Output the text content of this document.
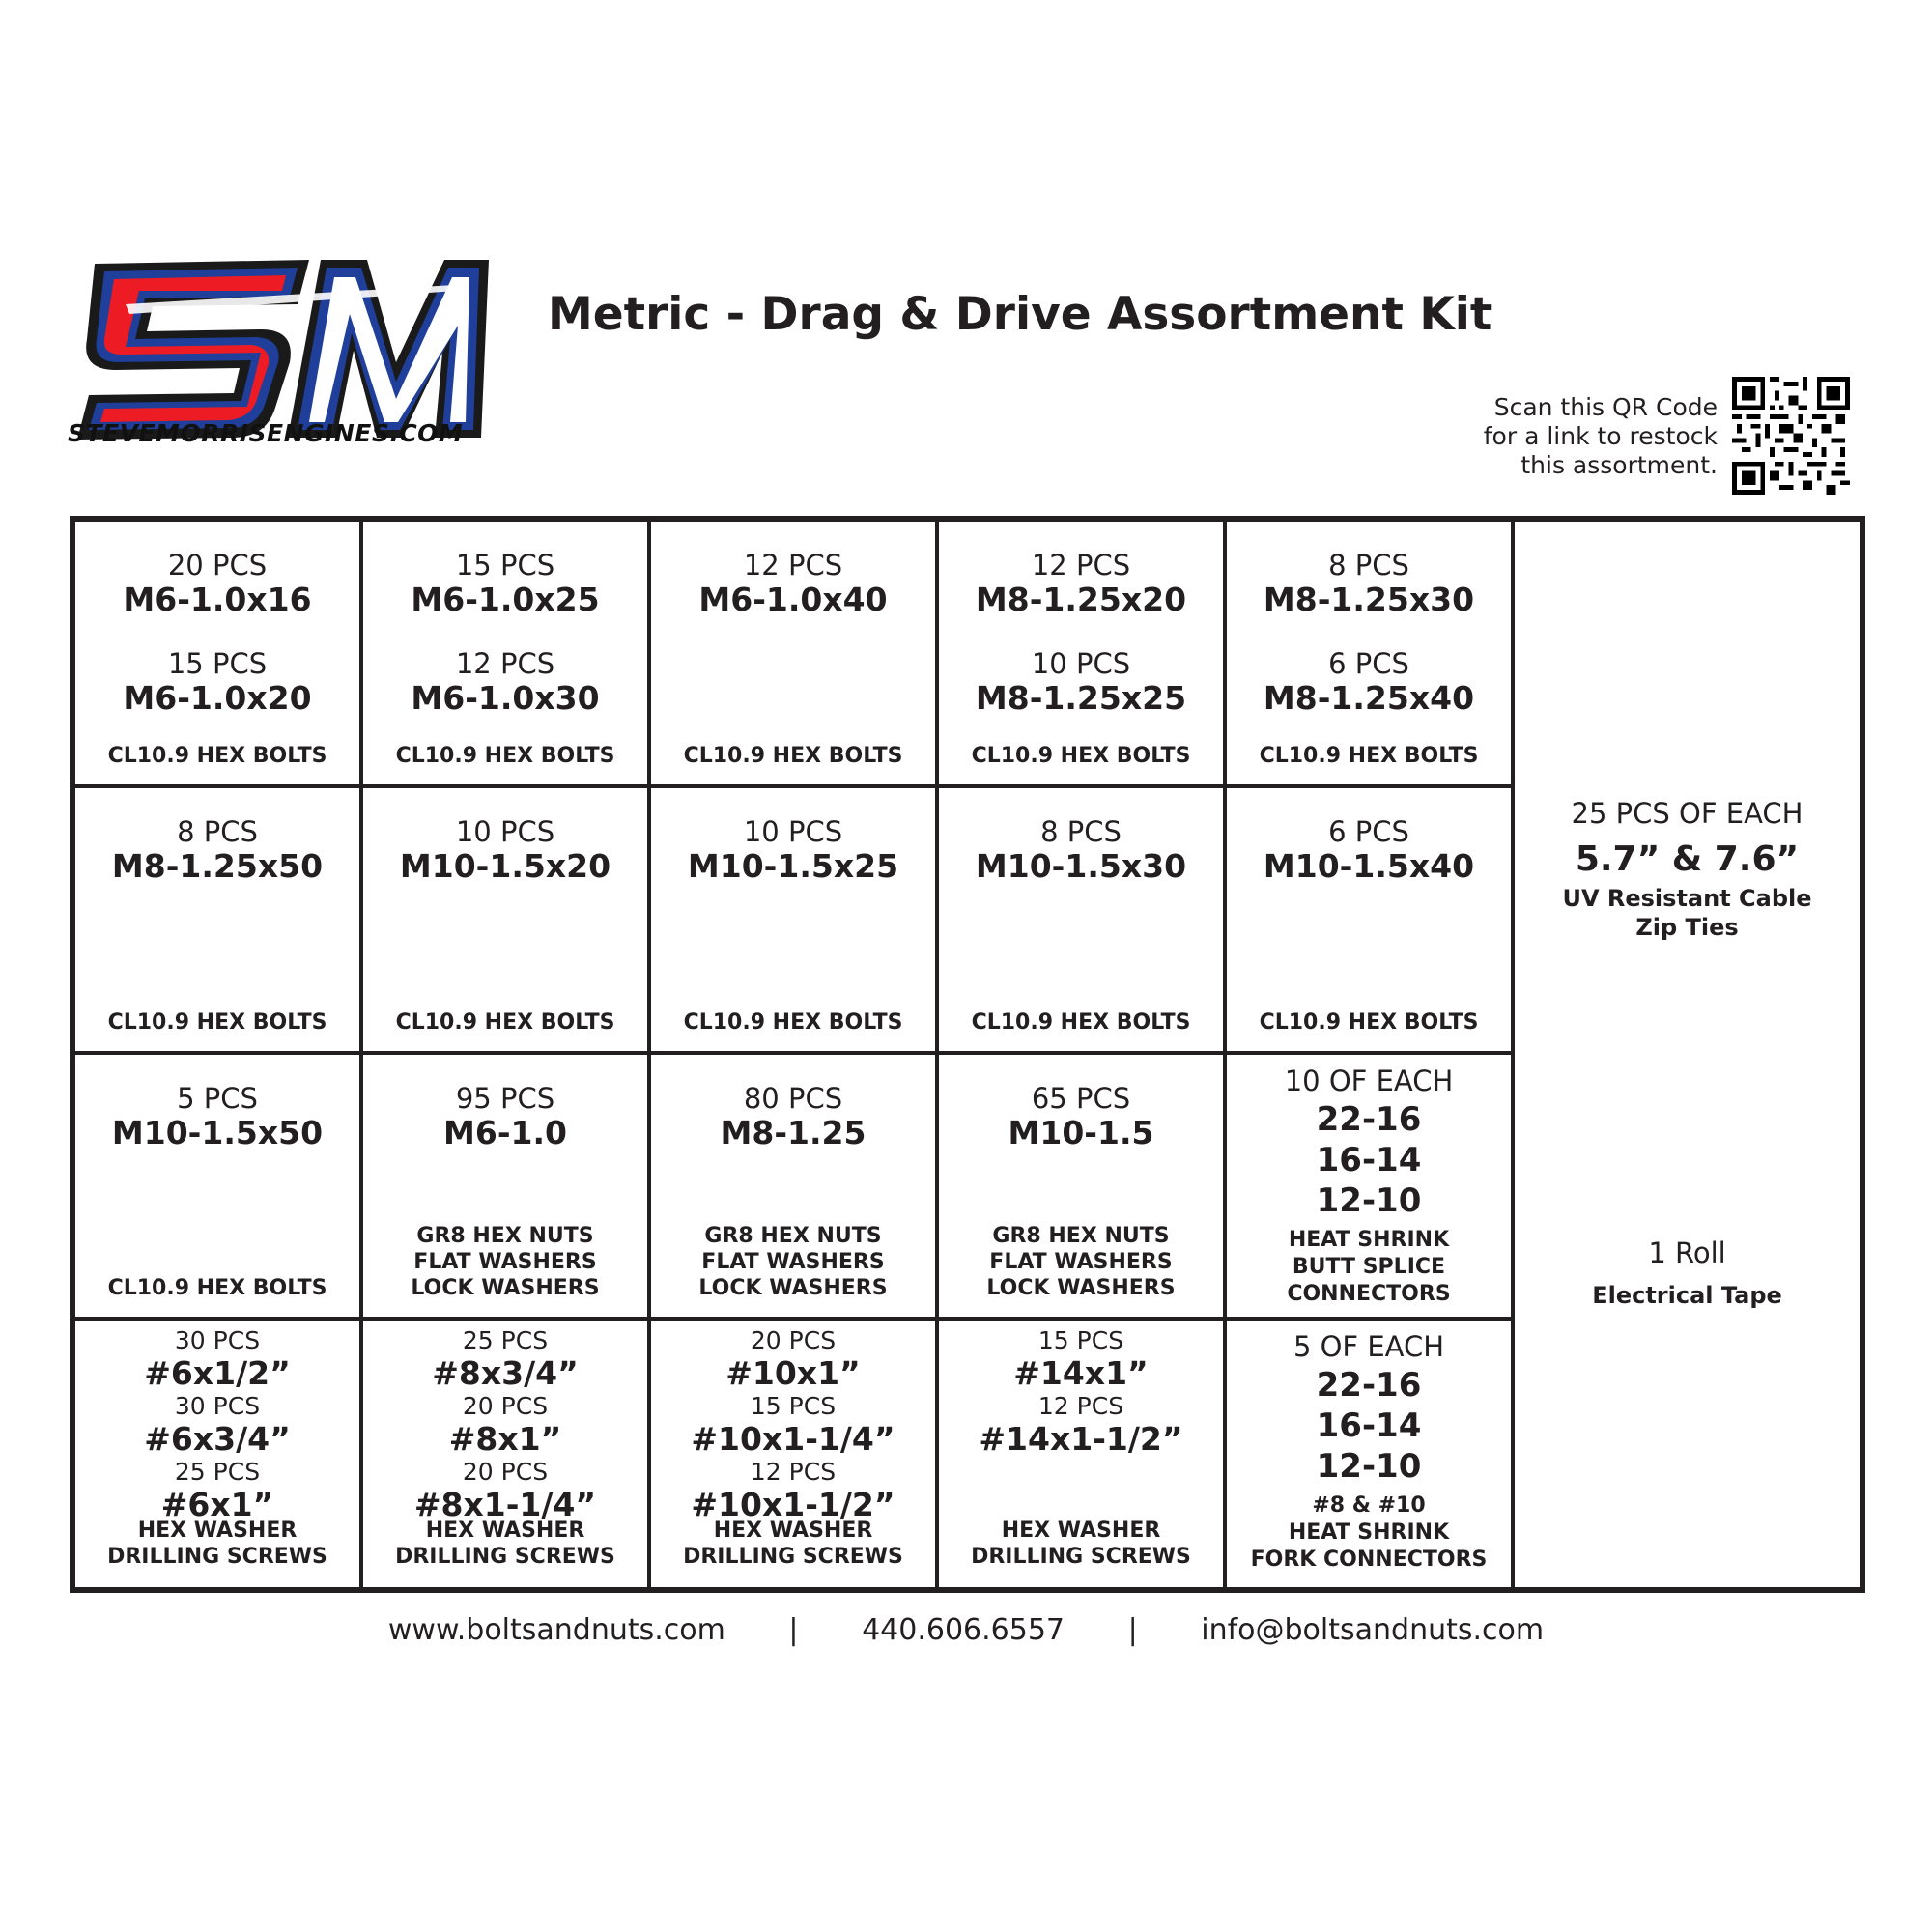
STEVEMORRISENGINES.COM
Metric - Drag & Drive Assortment Kit
Scan this QR Code
for a link to restock
this assortment.
20 PCS
M6-1.0x16
15 PCS
M6-1.0x20
CL10.9 HEX BOLTS
15 PCS
M6-1.0x25
12 PCS
M6-1.0x30
CL10.9 HEX BOLTS
12 PCS
M6-1.0x40
CL10.9 HEX BOLTS
12 PCS
M8-1.25x20
10 PCS
M8-1.25x25
CL10.9 HEX BOLTS
8 PCS
M8-1.25x30
6 PCS
M8-1.25x40
CL10.9 HEX BOLTS
25 PCS OF EACH
5.7” & 7.6”
UV Resistant Cable
Zip Ties
1 Roll
Electrical Tape
8 PCS
M8-1.25x50
CL10.9 HEX BOLTS
10 PCS
M10-1.5x20
CL10.9 HEX BOLTS
10 PCS
M10-1.5x25
CL10.9 HEX BOLTS
8 PCS
M10-1.5x30
CL10.9 HEX BOLTS
6 PCS
M10-1.5x40
CL10.9 HEX BOLTS
5 PCS
M10-1.5x50
CL10.9 HEX BOLTS
95 PCS
M6-1.0
GR8 HEX NUTS
FLAT WASHERS
LOCK WASHERS
80 PCS
M8-1.25
GR8 HEX NUTS
FLAT WASHERS
LOCK WASHERS
65 PCS
M10-1.5
GR8 HEX NUTS
FLAT WASHERS
LOCK WASHERS
10 OF EACH
22-16
16-14
12-10
HEAT SHRINK
BUTT SPLICE
CONNECTORS
30 PCS
#6x1/2”
30 PCS
#6x3/4”
25 PCS
#6x1”
HEX WASHER
DRILLING SCREWS
25 PCS
#8x3/4”
20 PCS
#8x1”
20 PCS
#8x1-1/4”
HEX WASHER
DRILLING SCREWS
20 PCS
#10x1”
15 PCS
#10x1-1/4”
12 PCS
#10x1-1/2”
HEX WASHER
DRILLING SCREWS
15 PCS
#14x1”
12 PCS
#14x1-1/2”
HEX WASHER
DRILLING SCREWS
5 OF EACH
22-16
16-14
12-10
#8 & #10
HEAT SHRINK
FORK CONNECTORS
www.boltsandnuts.com | 440.606.6557 | info@boltsandnuts.com
